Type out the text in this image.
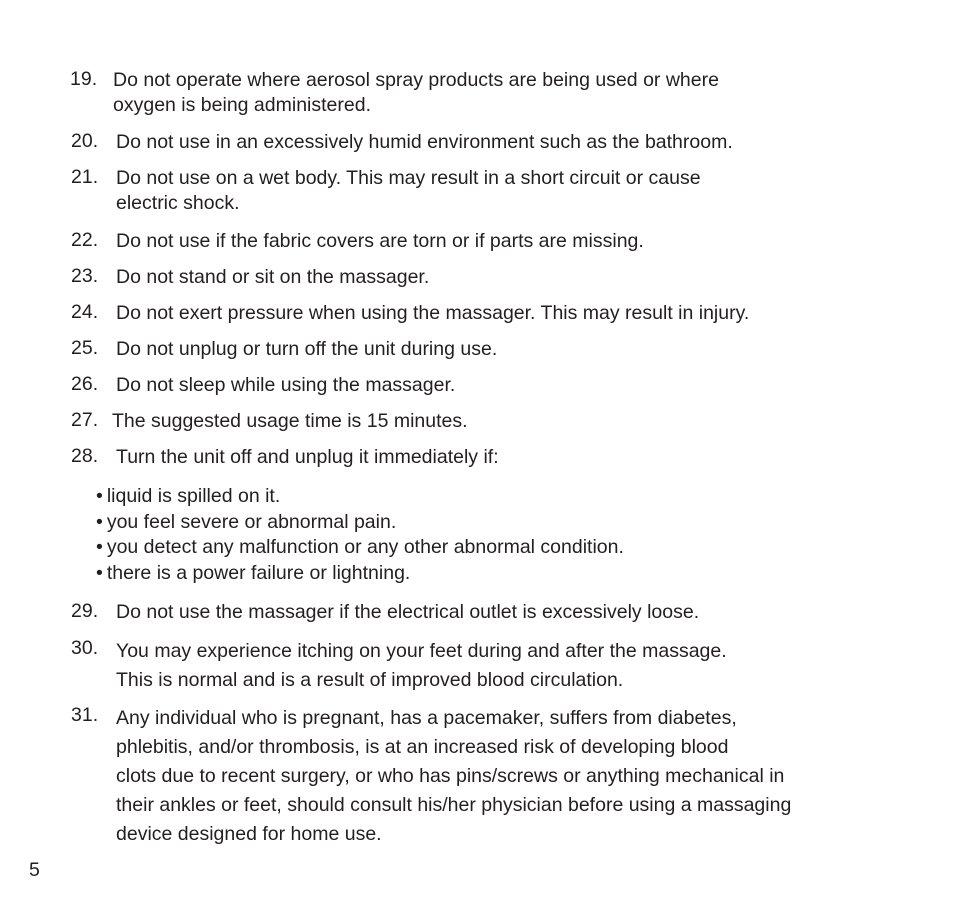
19. Do not operate where aerosol spray products are being used or where
oxygen is being administered.
20. Do not use in an excessively humid environment such as the bathroom.
21. Do not use on a wet body. This may result in a short circuit or cause
electric shock.
22. Do not use if the fabric covers are torn or if parts are missing.
23. Do not stand or sit on the massager.
24. Do not exert pressure when using the massager. This may result in injury.
25. Do not unplug or turn off the unit during use.
26. Do not sleep while using the massager.
27. The suggested usage time is 15 minutes.
28. Turn the unit off and unplug it immediately if:
• liquid is spilled on it.
• you feel severe or abnormal pain.
• you detect any malfunction or any other abnormal condition.
• there is a power failure or lightning.
29. Do not use the massager if the electrical outlet is excessively loose.
30. You may experience itching on your feet during and after the massage.
This is normal and is a result of improved blood circulation.
31. Any individual who is pregnant, has a pacemaker, suffers from diabetes,
phlebitis, and/or thrombosis, is at an increased risk of developing blood
clots due to recent surgery, or who has pins/screws or anything mechanical in
their ankles or feet, should consult his/her physician before using a massaging
device designed for home use.
5
